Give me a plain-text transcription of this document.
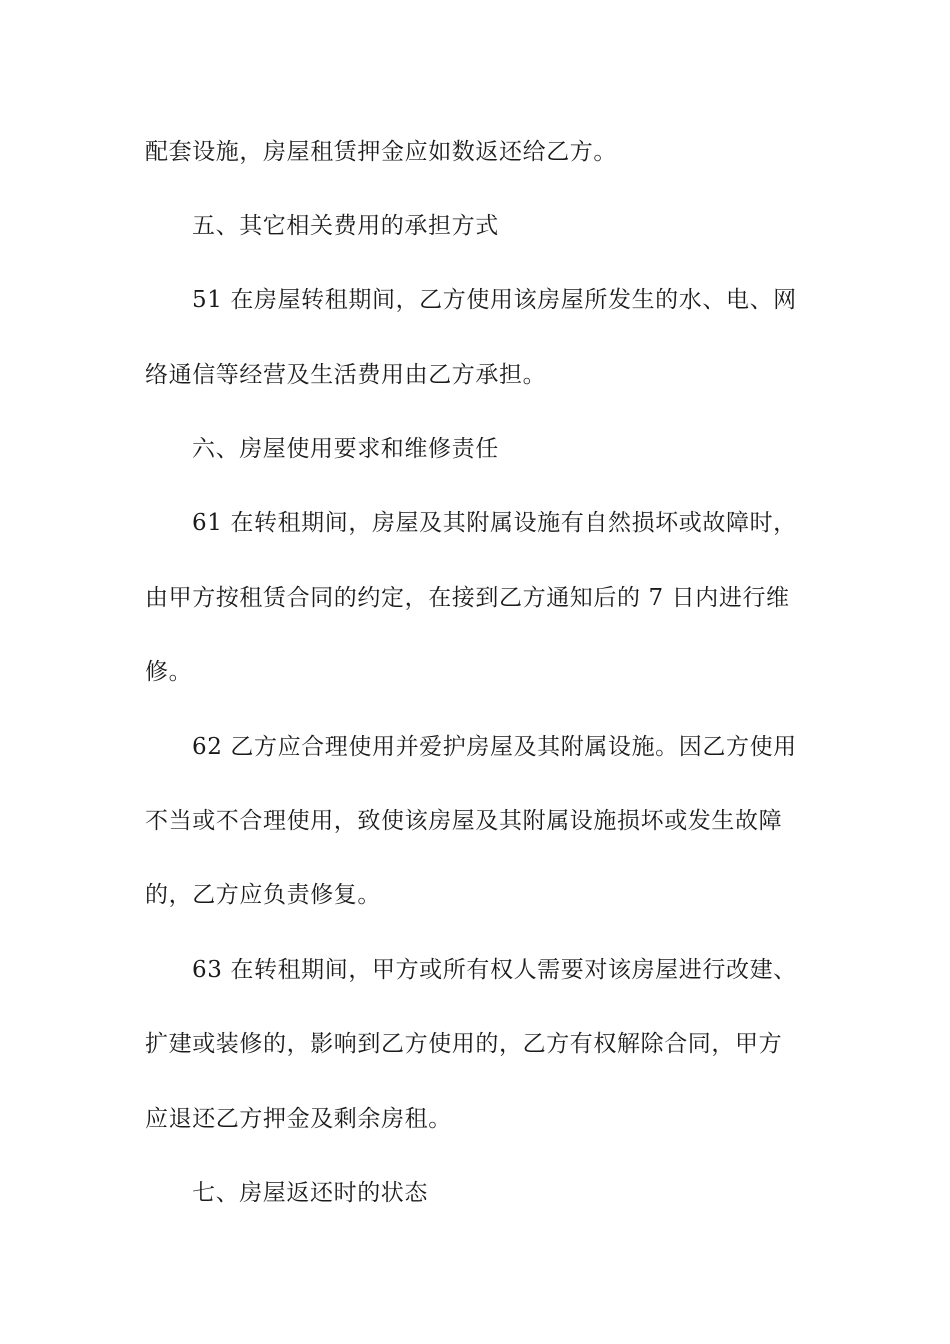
配套设施，房屋租赁押金应如数返还给乙方。
五、其它相关费用的承担方式
51 在房屋转租期间，乙方使用该房屋所发生的水、电、网
络通信等经营及生活费用由乙方承担。
六、房屋使用要求和维修责任
61 在转租期间，房屋及其附属设施有自然损坏或故障时，
由甲方按租赁合同的约定，在接到乙方通知后的 7 日内进行维
修。
62 乙方应合理使用并爱护房屋及其附属设施。因乙方使用
不当或不合理使用，致使该房屋及其附属设施损坏或发生故障
的，乙方应负责修复。
63 在转租期间，甲方或所有权人需要对该房屋进行改建、
扩建或装修的，影响到乙方使用的，乙方有权解除合同，甲方
应退还乙方押金及剩余房租。
七、房屋返还时的状态
